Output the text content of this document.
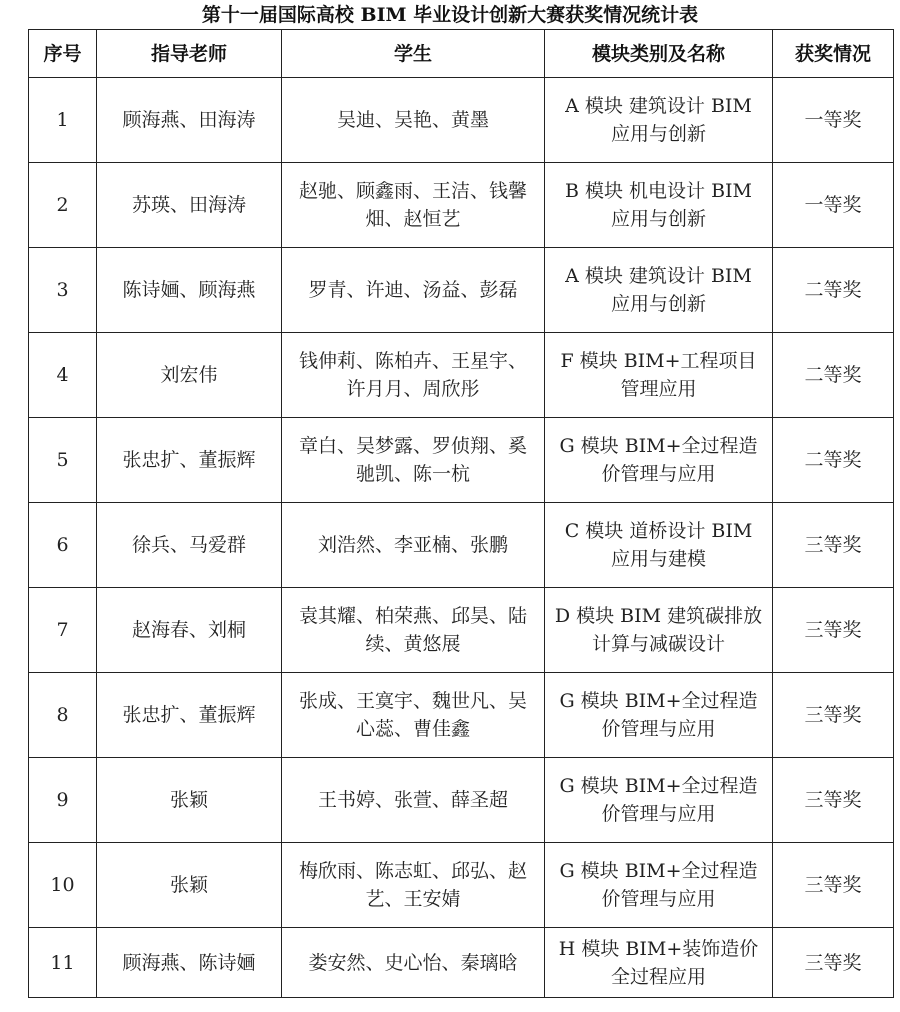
第十一届国际高校 BIM 毕业设计创新大赛获奖情况统计表
序号	指导老师	学生	模块类别及名称	获奖情况
1	顾海燕、田海涛	吴迪、吴艳、黄墨	A 模块 建筑设计 BIM 应用与创新	一等奖
2	苏瑛、田海涛	赵驰、顾鑫雨、王洁、钱馨畑、赵恒艺	B 模块 机电设计 BIM 应用与创新	一等奖
3	陈诗婳、顾海燕	罗青、许迪、汤益、彭磊	A 模块 建筑设计 BIM 应用与创新	二等奖
4	刘宏伟	钱伸莉、陈柏卉、王星宇、许月月、周欣彤	F 模块 BIM+工程项目管理应用	二等奖
5	张忠扩、董振辉	章白、吴梦露、罗侦翔、奚驰凯、陈一杭	G 模块 BIM+全过程造价管理与应用	二等奖
6	徐兵、马爱群	刘浩然、李亚楠、张鹏	C 模块 道桥设计 BIM 应用与建模	三等奖
7	赵海春、刘桐	袁其耀、柏荣燕、邱昊、陆续、黄悠展	D 模块 BIM 建筑碳排放计算与减碳设计	三等奖
8	张忠扩、董振辉	张成、王寞宇、魏世凡、吴心蕊、曹佳鑫	G 模块 BIM+全过程造价管理与应用	三等奖
9	张颖	王书婷、张萱、薛圣超	G 模块 BIM+全过程造价管理与应用	三等奖
10	张颖	梅欣雨、陈志虹、邱弘、赵艺、王安婧	G 模块 BIM+全过程造价管理与应用	三等奖
11	顾海燕、陈诗婳	娄安然、史心怡、秦璃晗	H 模块 BIM+装饰造价全过程应用	三等奖
